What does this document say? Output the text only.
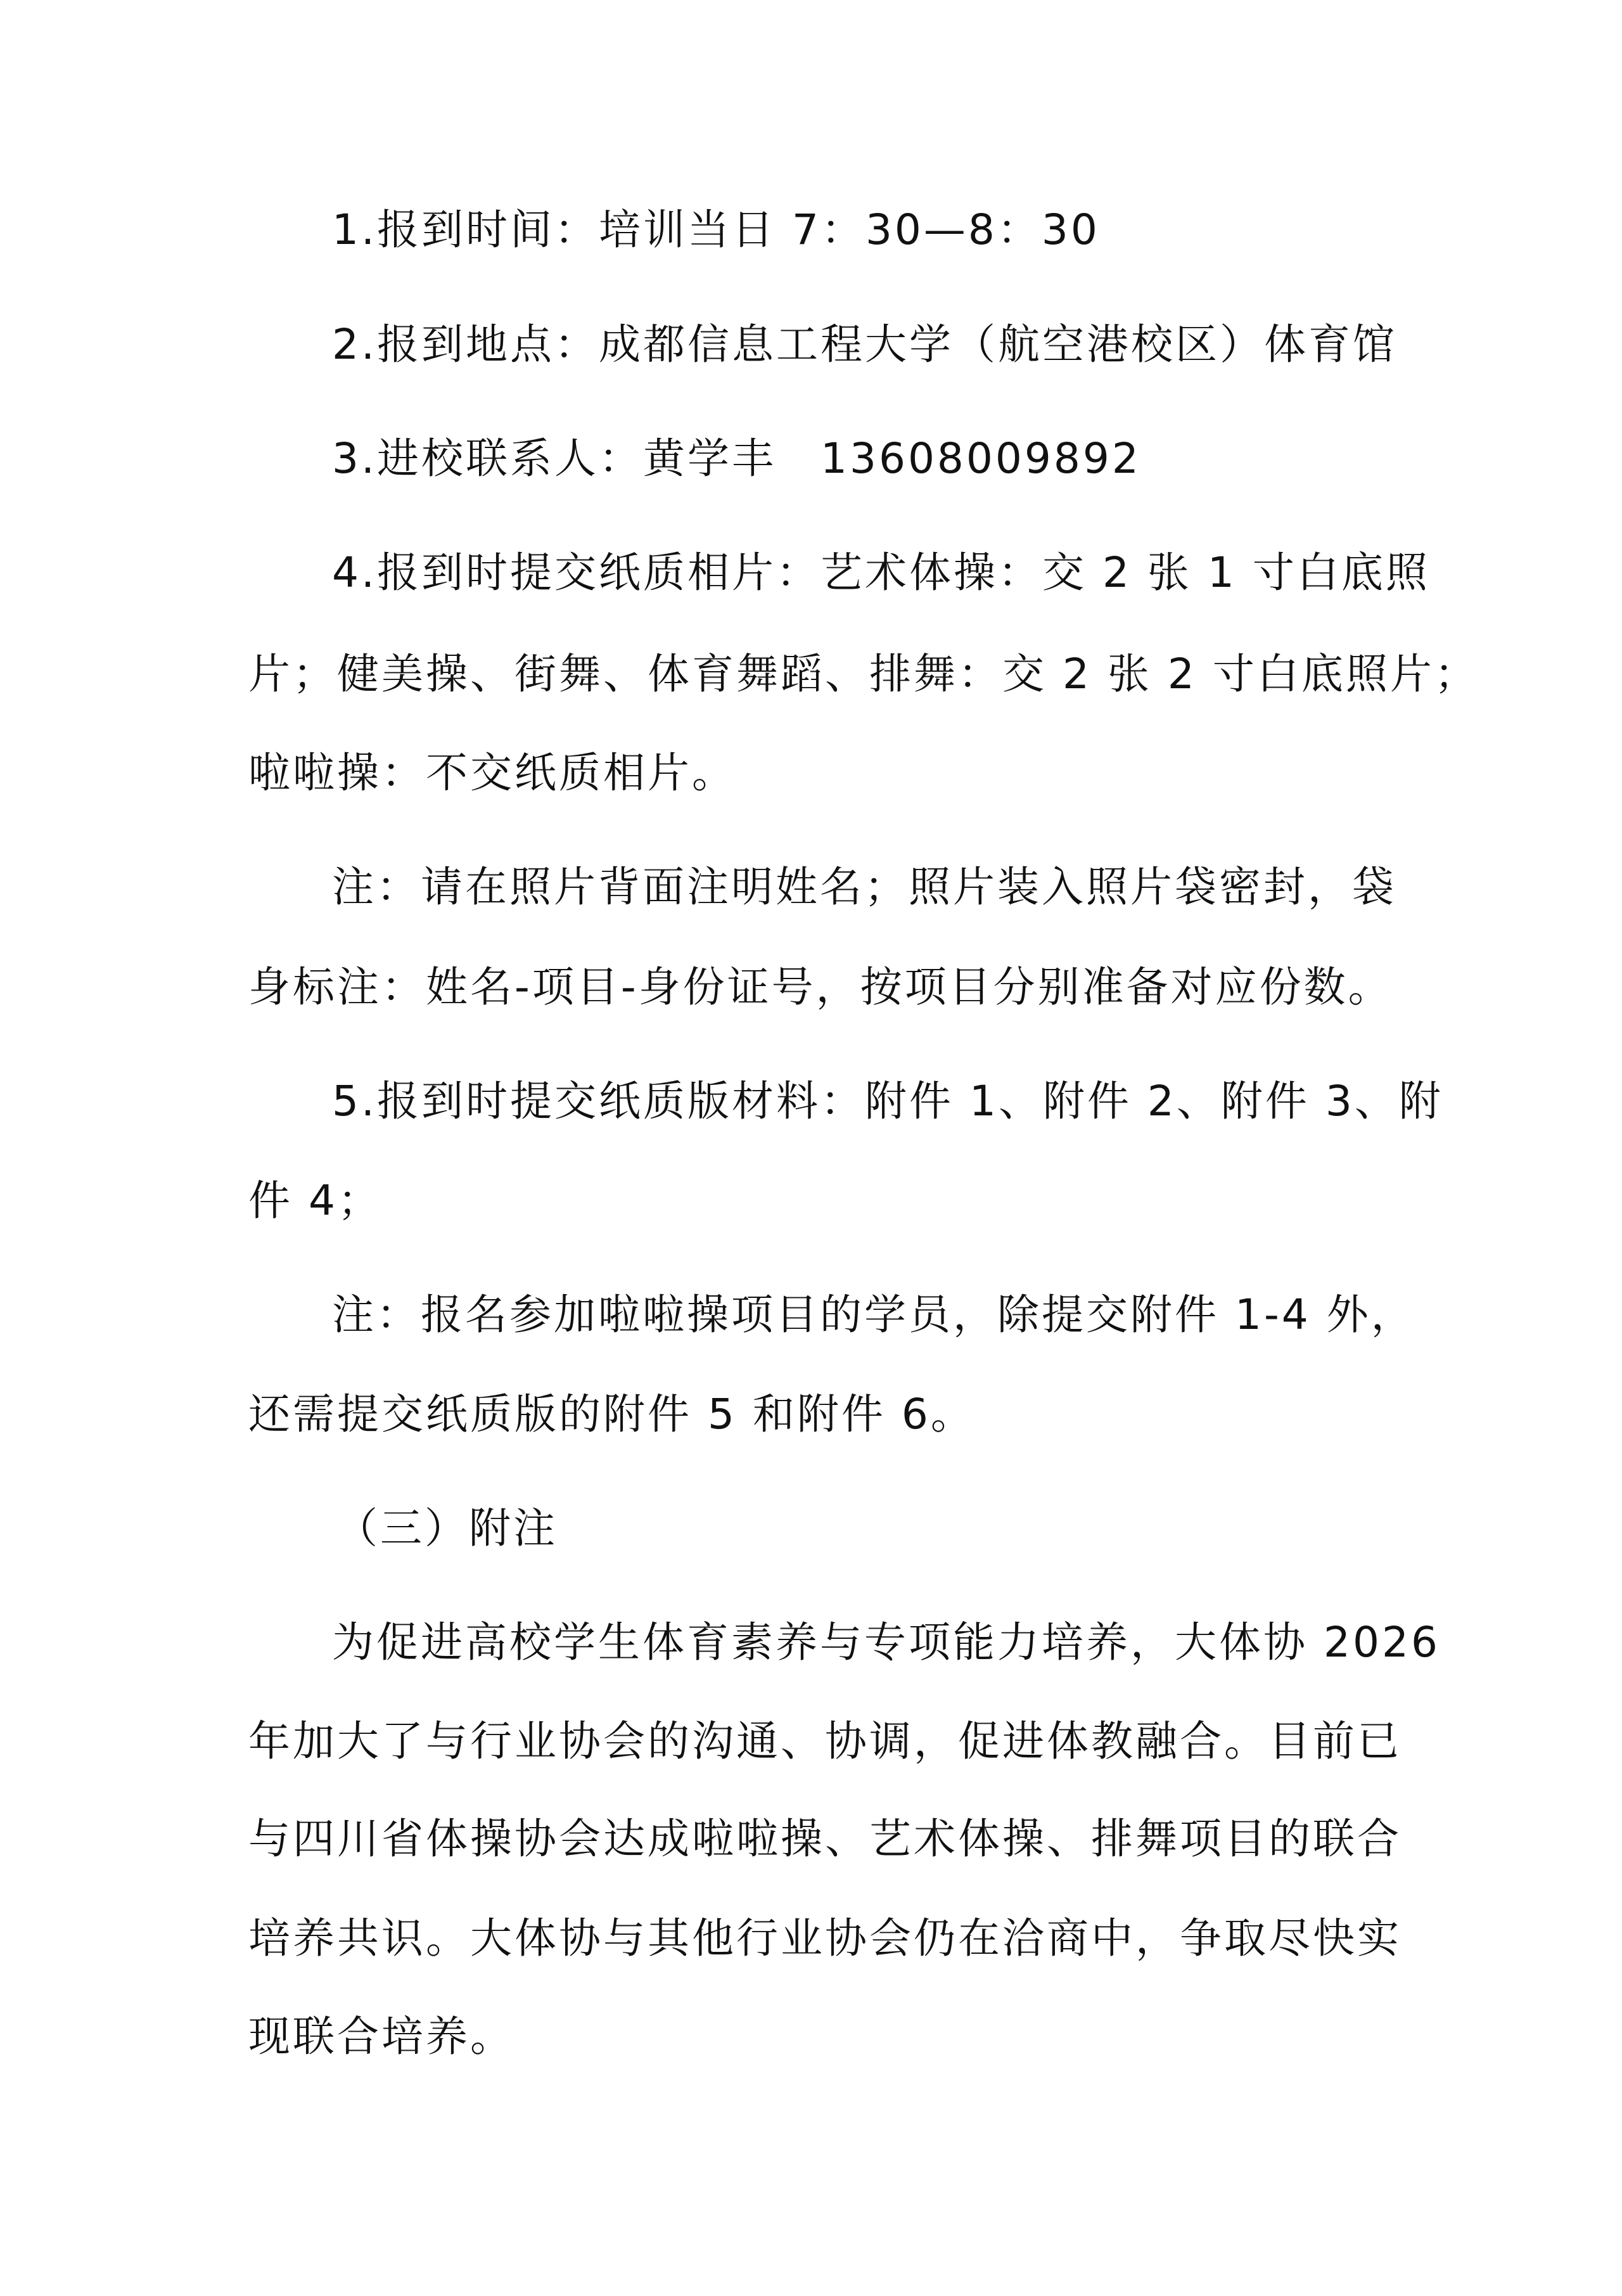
1.报到时间：培训当日 7：30—8：30
2.报到地点：成都信息工程大学（航空港校区）体育馆
3.进校联系人：黄学丰　13608009892
4.报到时提交纸质相片：艺术体操：交 2 张 1 寸白底照
片；健美操、街舞、体育舞蹈、排舞：交 2 张 2 寸白底照片；
啦啦操：不交纸质相片。
注：请在照片背面注明姓名；照片装入照片袋密封，袋
身标注：姓名-项目-身份证号，按项目分别准备对应份数。
5.报到时提交纸质版材料：附件 1、附件 2、附件 3、附
件 4；
注：报名参加啦啦操项目的学员，除提交附件 1-4 外，
还需提交纸质版的附件 5 和附件 6。
（三）附注
为促进高校学生体育素养与专项能力培养，大体协 2026
年加大了与行业协会的沟通、协调，促进体教融合。目前已
与四川省体操协会达成啦啦操、艺术体操、排舞项目的联合
培养共识。大体协与其他行业协会仍在洽商中，争取尽快实
现联合培养。
